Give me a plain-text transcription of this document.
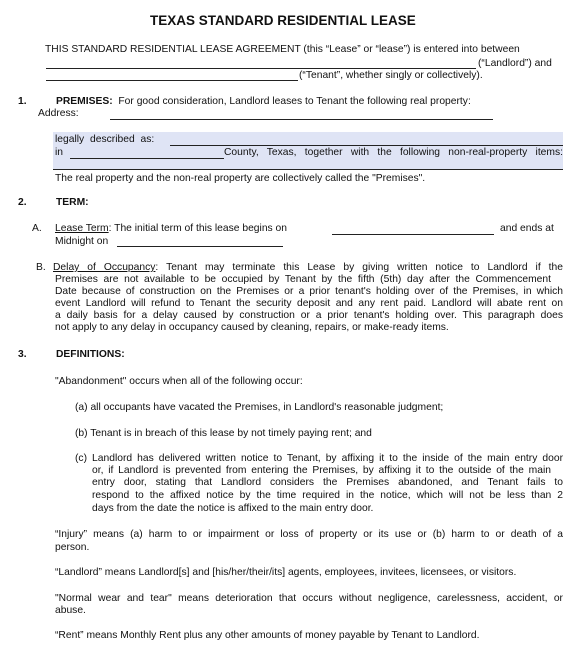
TEXAS STANDARD RESIDENTIAL LEASE
THIS STANDARD RESIDENTIAL LEASE AGREEMENT (this “Lease” or “lease”) is entered into between
(“Landlord”) and
(“Tenant”, whether singly or collectively).
1.	PREMISES: For good consideration, Landlord leases to Tenant the following real property:
Address:
legally described as:
in	County, Texas, together with the following non-real-property items:
The real property and the non-real property are collectively called the "Premises".
2.	TERM:
A. Lease Term: The initial term of this lease begins on	and ends at
Midnight on
B. Delay of Occupancy: Tenant may terminate this Lease by giving written notice to Landlord if the
Premises are not available to be occupied by Tenant by the fifth (5th) day after the Commencement
Date because of construction on the Premises or a prior tenant's holding over of the Premises, in which
event Landlord will refund to Tenant the security deposit and any rent paid. Landlord will abate rent on
a daily basis for a delay caused by construction or a prior tenant's holding over. This paragraph does
not apply to any delay in occupancy caused by cleaning, repairs, or make-ready items.
3.	DEFINITIONS:
"Abandonment" occurs when all of the following occur:
(a) all occupants have vacated the Premises, in Landlord's reasonable judgment;
(b) Tenant is in breach of this lease by not timely paying rent; and
(c) Landlord has delivered written notice to Tenant, by affixing it to the inside of the main entry door
or, if Landlord is prevented from entering the Premises, by affixing it to the outside of the main
entry door, stating that Landlord considers the Premises abandoned, and Tenant fails to
respond to the affixed notice by the time required in the notice, which will not be less than 2
days from the date the notice is affixed to the main entry door.
“Injury” means (a) harm to or impairment or loss of property or its use or (b) harm to or death of a
person.
“Landlord” means Landlord[s] and [his/her/their/its] agents, employees, invitees, licensees, or visitors.
"Normal wear and tear" means deterioration that occurs without negligence, carelessness, accident, or
abuse.
“Rent” means Monthly Rent plus any other amounts of money payable by Tenant to Landlord.
